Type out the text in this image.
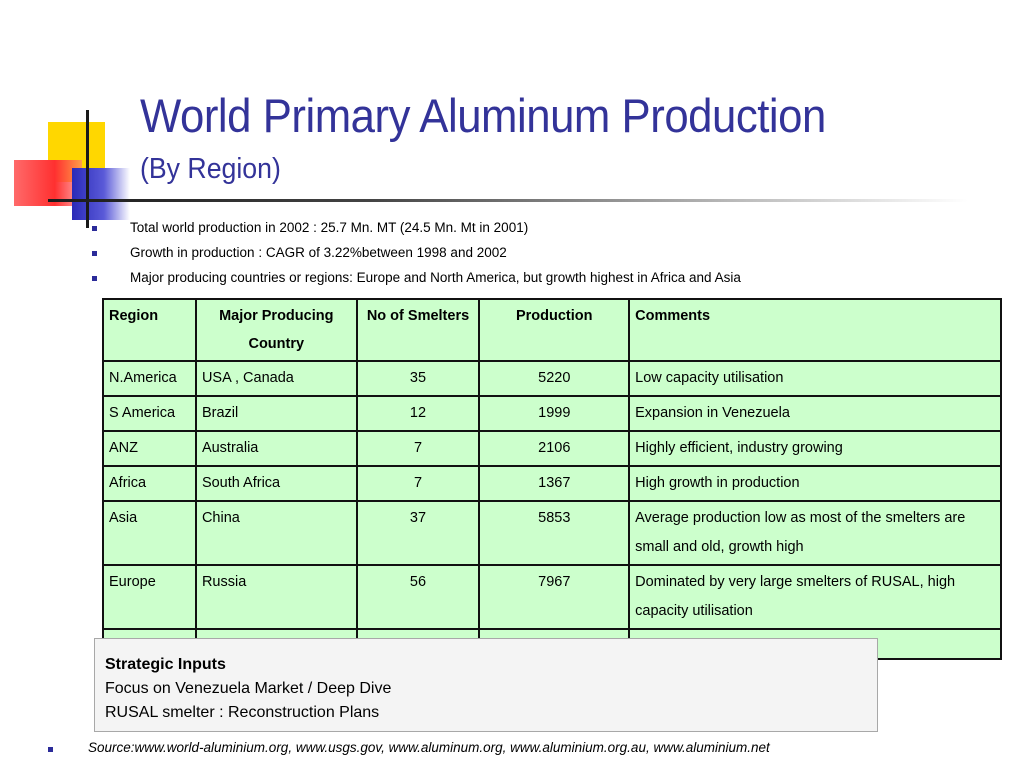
World Primary Aluminum Production
(By Region)
Total world production in 2002 : 25.7 Mn. MT (24.5 Mn. Mt in 2001)
Growth in production : CAGR of 3.22%between 1998 and 2002
Major producing countries or regions: Europe and North America, but growth highest in Africa and Asia
Region	Major Producing Country	No of Smelters	Production	Comments
N.America	USA , Canada	35	5220	Low capacity utilisation
S America	Brazil	12	1999	Expansion in Venezuela
ANZ	Australia	7	2106	Highly efficient, industry growing
Africa	South Africa	7	1367	High growth in production
Asia	China	37	5853	Average production low as most of the smelters are small and old, growth high
Europe	Russia	56	7967	Dominated by very large smelters of RUSAL, high capacity utilisation

Strategic Inputs
Focus on Venezuela Market / Deep Dive
RUSAL smelter : Reconstruction Plans
Source:www.world-aluminium.org, www.usgs.gov, www.aluminum.org, www.aluminium.org.au, www.aluminium.net
